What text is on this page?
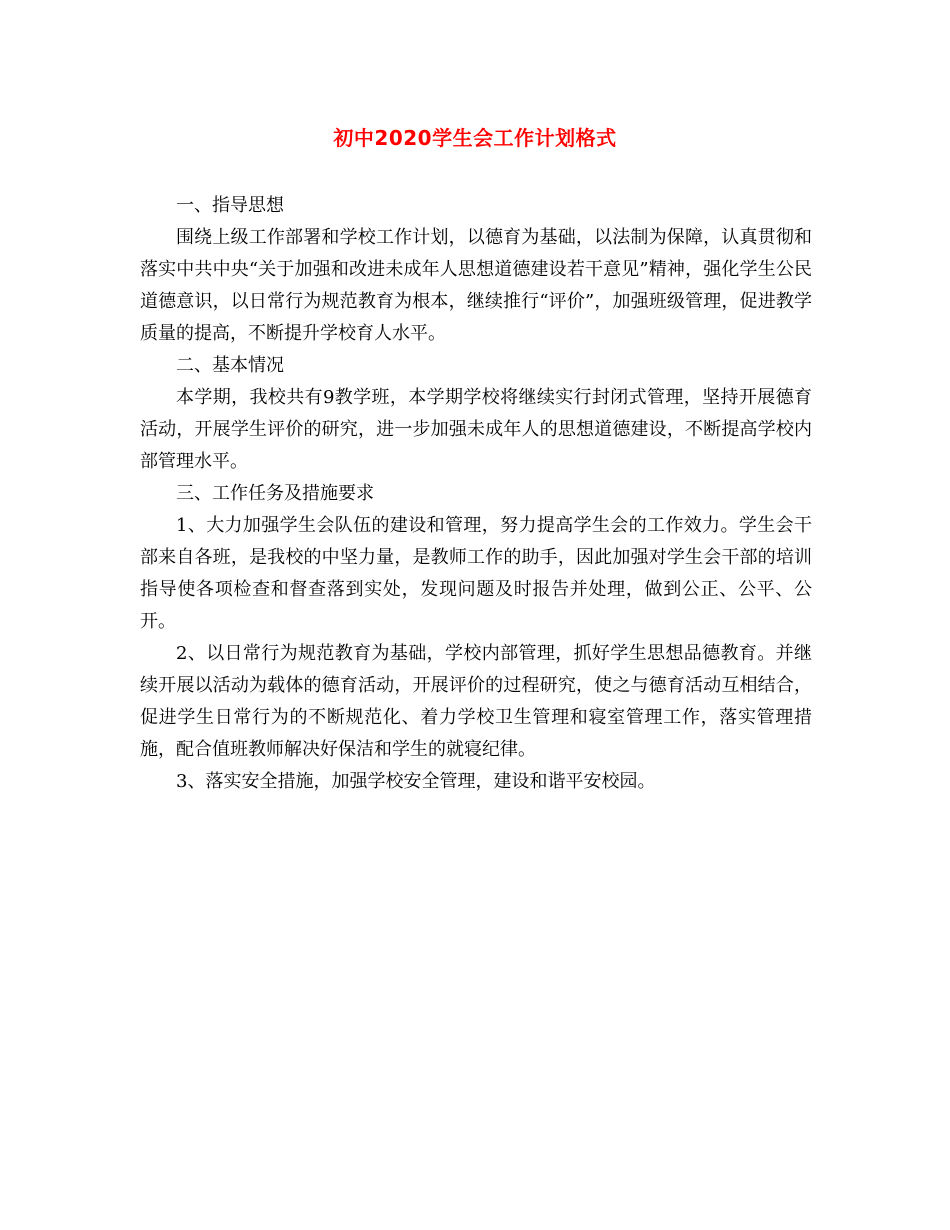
初中2020学生会工作计划格式

一、指导思想

围绕上级工作部署和学校工作计划，以德育为基础，以法制为保障，认真贯彻和落实中共中央“关于加强和改进未成年人思想道德建设若干意见”精神，强化学生公民道德意识，以日常行为规范教育为根本，继续推行“评价”，加强班级管理，促进教学质量的提高，不断提升学校育人水平。

二、基本情况

本学期，我校共有9教学班，本学期学校将继续实行封闭式管理，坚持开展德育活动，开展学生评价的研究，进一步加强未成年人的思想道德建设，不断提高学校内部管理水平。

三、工作任务及措施要求

1、大力加强学生会队伍的建设和管理，努力提高学生会的工作效力。学生会干部来自各班，是我校的中坚力量，是教师工作的助手，因此加强对学生会干部的培训指导使各项检查和督查落到实处，发现问题及时报告并处理，做到公正、公平、公开。

2、以日常行为规范教育为基础，学校内部管理，抓好学生思想品德教育。并继续开展以活动为载体的德育活动，开展评价的过程研究，使之与德育活动互相结合，促进学生日常行为的不断规范化、着力学校卫生管理和寝室管理工作，落实管理措施，配合值班教师解决好保洁和学生的就寝纪律。

3、落实安全措施，加强学校安全管理，建设和谐平安校园。
